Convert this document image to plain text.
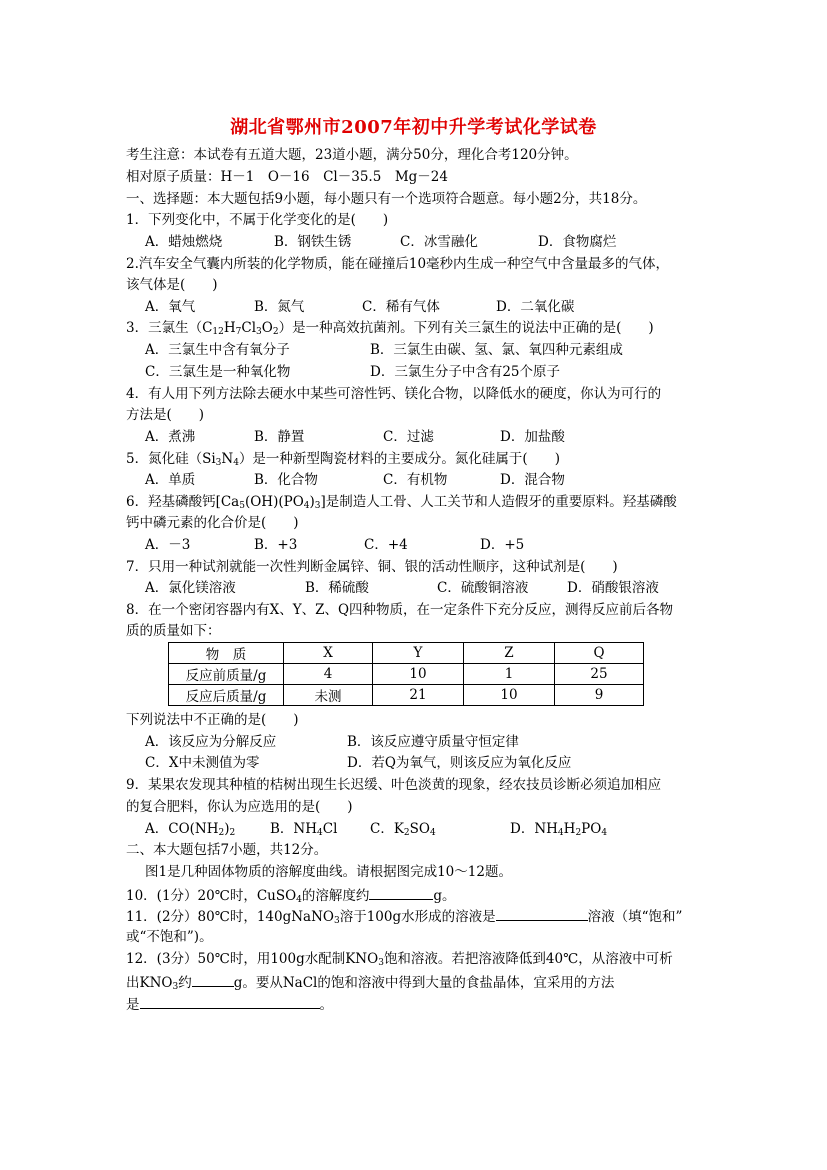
湖北省鄂州市2007年初中升学考试化学试卷
考生注意：本试卷有五道大题，23道小题，满分50分，理化合考120分钟。
相对原子质量：H－1　O－16　Cl－35.5　Mg－24
一、选择题：本大题包括9小题，每小题只有一个选项符合题意。每小题2分，共18分。
1．下列变化中，不属于化学变化的是(　　)
A．蜡烛燃烧	B．钢铁生锈	C．冰雪融化	D．食物腐烂
2.汽车安全气囊内所装的化学物质，能在碰撞后10毫秒内生成一种空气中含量最多的气体，
该气体是(　　)
A．氧气	B．氮气	C．稀有气体	D．二氧化碳
3．三氯生$(C_{12}H_7Cl_3O_2)$是一种高效抗菌剂。下列有关三氯生的说法中正确的是(　　)
A．三氯生中含有氧分子	B．三氯生由碳、氢、氯、氧四种元素组成
C．三氯生是一种氧化物	D．三氯生分子中含有25个原子
4．有人用下列方法除去硬水中某些可溶性钙、镁化合物，以降低水的硬度，你认为可行的
方法是(　　)
A．煮沸	B．静置	C．过滤	D．加盐酸
5．氮化硅$(Si_3N_4)$是一种新型陶瓷材料的主要成分。氮化硅属于(　　)
A．单质	B．化合物	C．有机物	D．混合物
6．羟基磷酸钙$[Ca_5(OH)(PO_4)_3]$是制造人工骨、人工关节和人造假牙的重要原料。羟基磷酸
钙中磷元素的化合价是(　　)
A．－3	B．+3	C．+4	D．+5
7．只用一种试剂就能一次性判断金属锌、铜、银的活动性顺序，这种试剂是(　　)
A．氯化镁溶液	B．稀硫酸	C．硫酸铜溶液	D．硝酸银溶液
8．在一个密闭容器内有X、Y、Z、Q四种物质，在一定条件下充分反应，测得反应前后各物
质的质量如下：
物　质	X	Y	Z	Q
反应前质量/g	4	10	1	25
反应后质量/g	未测	21	10	9
下列说法中不正确的是(　　)
A．该反应为分解反应	B．该反应遵守质量守恒定律
C．X中未测值为零	D．若Q为氧气，则该反应为氧化反应
9．某果农发现其种植的桔树出现生长迟缓、叶色淡黄的现象，经农技员诊断必须追加相应
的复合肥料，你认为应选用的是(　　)
A．$CO(NH_2)_2$	B．$NH_4Cl$ C．$K_2SO_4$	D．$NH_4H_2PO_4$
二、本大题包括7小题，共12分。
图1是几种固体物质的溶解度曲线。请根据图完成10～12题。
10．(1分）20℃时，CuSO$_4$的溶解度约	g。
11．(2分）80℃时，140gNaNO$_3$溶于100g水形成的溶液是	溶液（填“饱和”
或“不饱和”)。
12．(3分）50℃时，用100g水配制$KNO_3$饱和溶液。若把溶液降低到40℃，从溶液中可析
出$KNO_3$约	g。要从NaCl的饱和溶液中得到大量的食盐晶体，宜采用的方法
是	。
